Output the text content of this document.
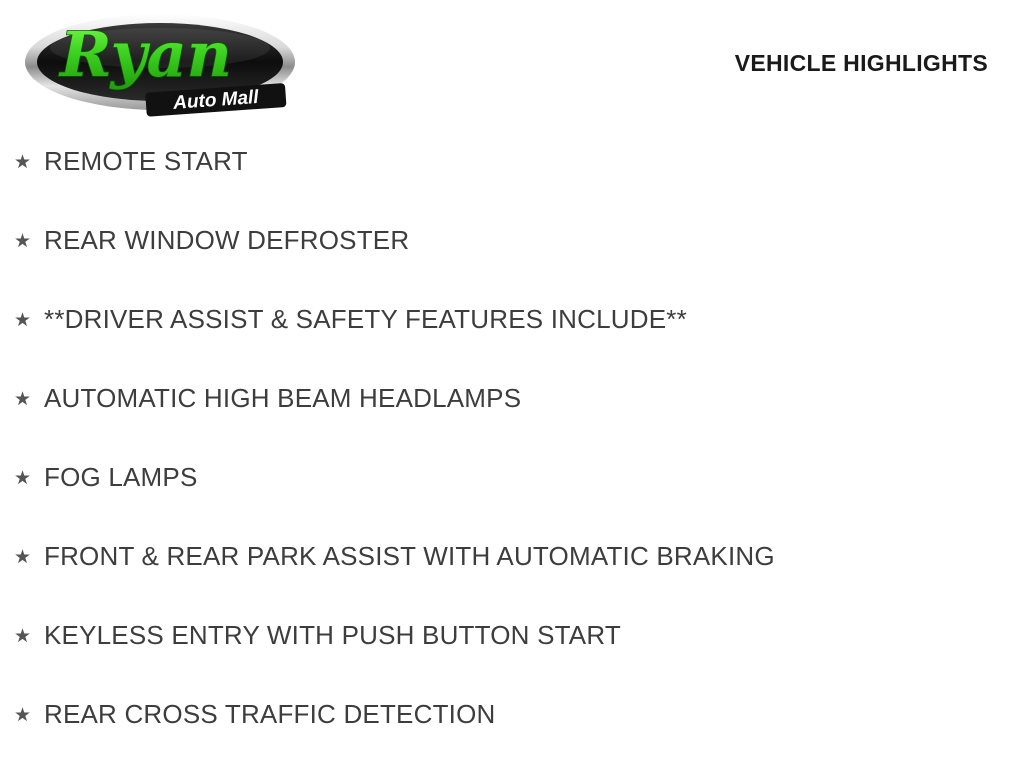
Ryan
Auto Mall
VEHICLE HIGHLIGHTS
★ REMOTE START
★ REAR WINDOW DEFROSTER
★ **DRIVER ASSIST & SAFETY FEATURES INCLUDE**
★ AUTOMATIC HIGH BEAM HEADLAMPS
★ FOG LAMPS
★ FRONT & REAR PARK ASSIST WITH AUTOMATIC BRAKING
★ KEYLESS ENTRY WITH PUSH BUTTON START
★ REAR CROSS TRAFFIC DETECTION
